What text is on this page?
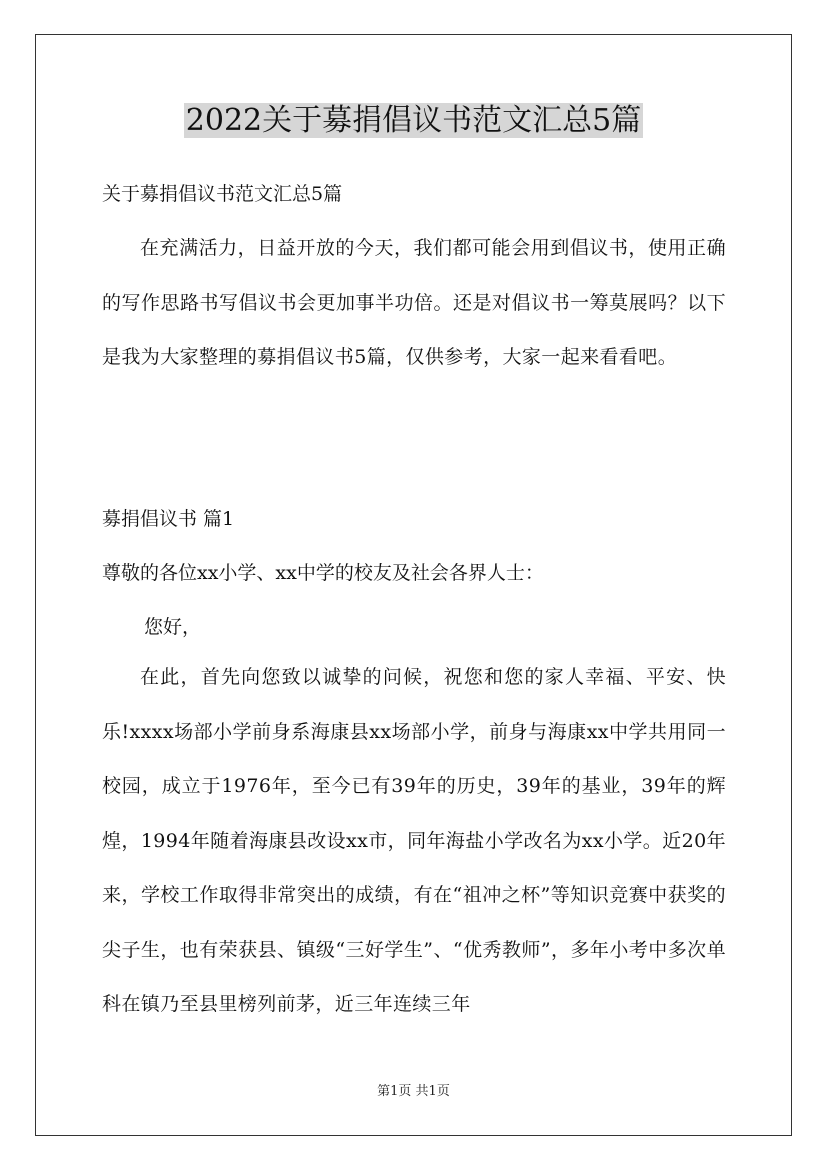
2022关于募捐倡议书范文汇总5篇
关于募捐倡议书范文汇总5篇
在充满活力，日益开放的今天，我们都可能会用到倡议书，使用正确的写作思路书写倡议书会更加事半功倍。还是对倡议书一筹莫展吗？以下是我为大家整理的募捐倡议书5篇，仅供参考，大家一起来看看吧。
募捐倡议书 篇1
尊敬的各位xx小学、xx中学的校友及社会各界人士：
您好，
在此，首先向您致以诚挚的问候，祝您和您的家人幸福、平安、快乐!xxxx场部小学前身系海康县xx场部小学，前身与海康xx中学共用同一校园，成立于1976年，至今已有39年的历史，39年的基业，39年的辉煌，1994年随着海康县改设xx市，同年海盐小学改名为xx小学。近20年来，学校工作取得非常突出的成绩，有在“祖冲之杯”等知识竞赛中获奖的尖子生，也有荣获县、镇级“三好学生”、“优秀教师”，多年小考中多次单科在镇乃至县里榜列前茅，近三年连续三年
第1页 共1页
